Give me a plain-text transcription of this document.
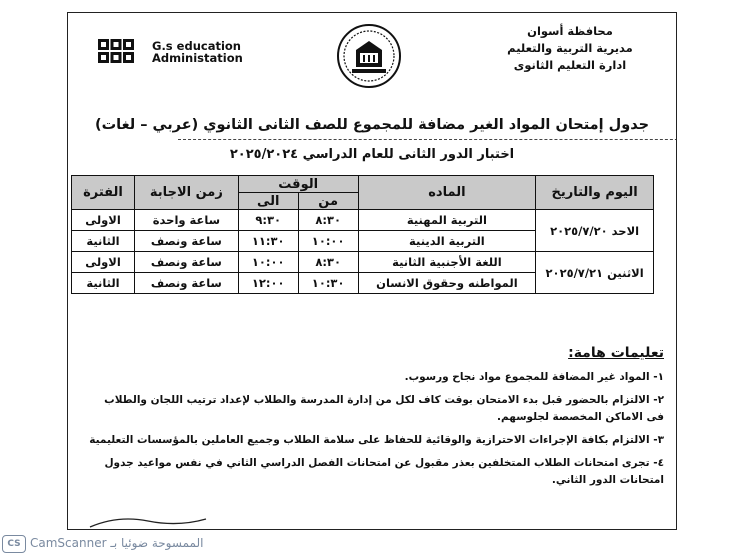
محافظة أسوان
مديرية التربية والتعليم
ادارة التعليم الثانوى
G.s education
Administation
جدول إمتحان المواد الغير مضافة للمجموع للصف الثانى الثانوي (عربي – لغات)
اختبار الدور الثانى للعام الدراسي ٢٠٢٥/٢٠٢٤
اليوم والتاريخ	الماده	الوقت		زمن الاجابة	الفترة
		من	الى		
الاحد ٢٠٢٥/٧/٢٠	التربية المهنية	٨:٣٠	٩:٣٠	ساعة واحدة	الاولى
	التربية الدينية	١٠:٠٠	١١:٣٠	ساعة ونصف	الثانية
الاثنين ٢٠٢٥/٧/٢١	اللغة الأجنبية الثانية	٨:٣٠	١٠:٠٠	ساعة ونصف	الاولى
	المواطنه وحقوق الانسان	١٠:٣٠	١٢:٠٠	ساعة ونصف	الثانية
تعليمات هامة:
١- المواد غير المضافة للمجموع مواد نجاح ورسوب.
٢- الالتزام بالحضور قبل بدء الامتحان بوقت كاف لكل من إدارة المدرسة والطلاب لإعداد ترتيب اللجان والطلاب فى الاماكن المخصصة لجلوسهم.
٣- الالتزام بكافة الإجراءات الاحترازية والوقائية للحفاظ على سلامة الطلاب وجميع العاملين بالمؤسسات التعليمية
٤- تجرى امتحانات الطلاب المتخلفين بعذر مقبول عن امتحانات الفصل الدراسي الثاني في نفس مواعيد جدول امتحانات الدور الثاني.
CS CamScanner الممسوحة ضوئيا بـ
